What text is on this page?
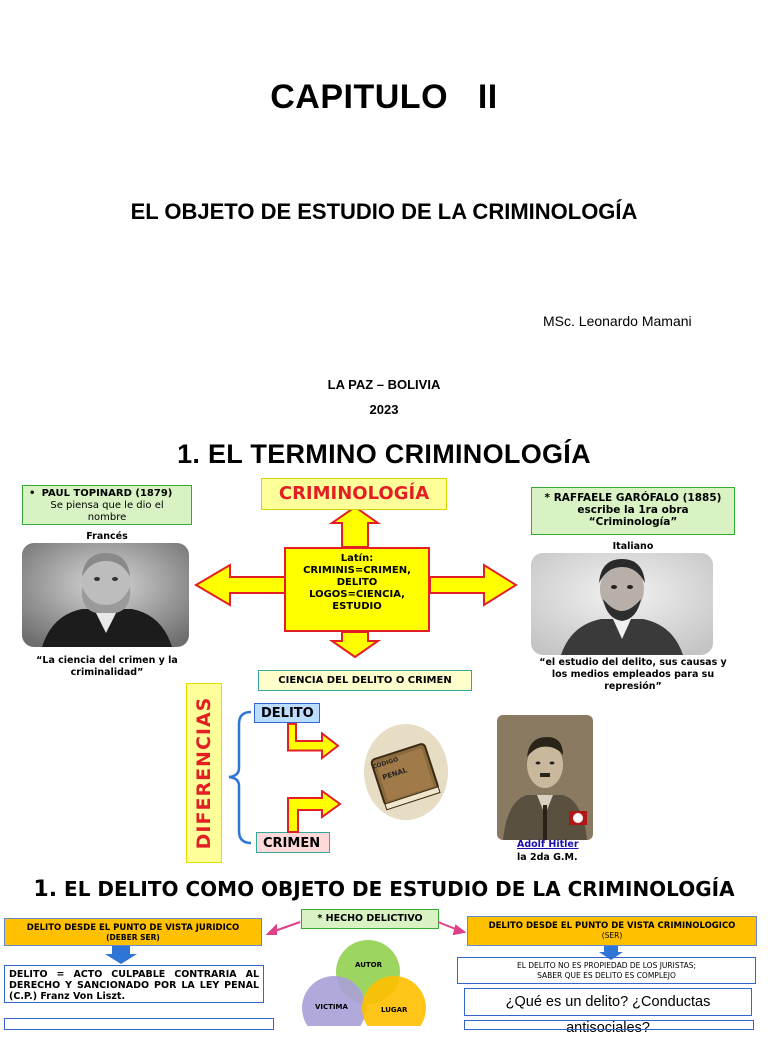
CAPITULO   II
EL OBJETO DE ESTUDIO DE LA CRIMINOLOGÍA
MSc. Leonardo Mamani
LA PAZ – BOLIVIA
2023
1. EL TERMINO CRIMINOLOGÍA
• PAUL TOPINARD (1879)
Se piensa que le dio el
nombre
Francés
“La ciencia del crimen y la
criminalidad”
CRIMINOLOGÍA
Latín:
CRIMINIS=CRIMEN,
DELITO
LOGOS=CIENCIA,
ESTUDIO
* RAFFAELE GARÓFALO (1885)
escribe la 1ra obra
“Criminología”
Italiano
“el estudio del delito, sus causas y
los medios empleados para su
represión”
CIENCIA DEL DELITO O CRIMEN
DIFERENCIAS	DELITO
CRIMEN
CÓDIGO
PENAL
Adolf Hitler
la 2da G.M.
1. EL DELITO COMO OBJETO DE ESTUDIO DE LA CRIMINOLOGÍA
DELITO DESDE EL PUNTO DE VISTA JURIDICO
(DEBER SER)
DELITO = ACTO CULPABLE CONTRARIA AL DERECHO Y SANCIONADO POR LA LEY PENAL (C.P.) Franz Von Liszt.
* HECHO DELICTIVO
AUTOR
VICTIMA	LUGAR
DELITO DESDE EL PUNTO DE VISTA CRIMINOLOGICO
(SER)
EL DELITO NO ES PROPIEDAD DE LOS JURISTAS;
SABER QUE ES DELITO ES COMPLEJO
¿Qué es un delito? ¿Conductas antisociales?
